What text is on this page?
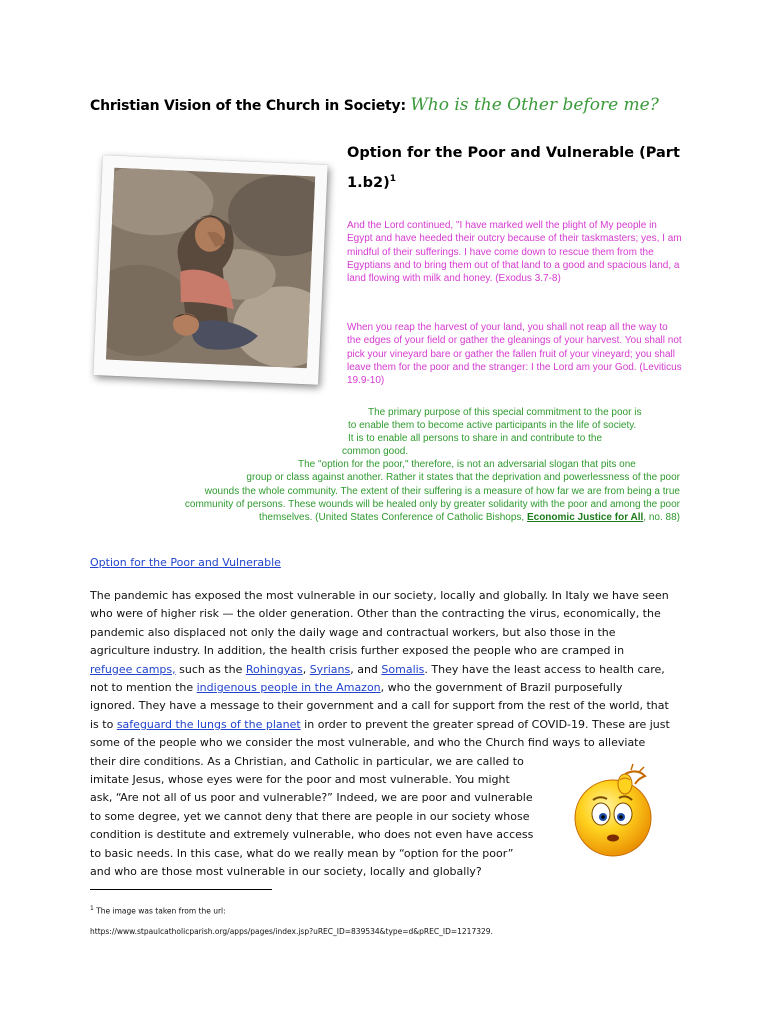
Christian Vision of the Church in Society: Who is the Other before me?
Option for the Poor and Vulnerable (Part
1.b2)$^1$

And the Lord continued, "I have marked well the plight of My people in Egypt and have heeded their outcry because of their taskmasters; yes, I am mindful of their sufferings. I have come down to rescue them from the Egyptians and to bring them out of that land to a good and spacious land, a land flowing with milk and honey. (Exodus 3.7-8)

When you reap the harvest of your land, you shall not reap all the way to the edges of your field or gather the gleanings of your harvest. You shall not pick your vineyard bare or gather the fallen fruit of your vineyard; you shall leave them for the poor and the stranger: I the Lord am your God. (Leviticus 19.9-10)

The primary purpose of this special commitment to the poor is
to enable them to become active participants in the life of society.
It is to enable all persons to share in and contribute to the
common good.
The "option for the poor," therefore, is not an adversarial slogan that pits one
group or class against another. Rather it states that the deprivation and powerlessness of the poor
wounds the whole community. The extent of their suffering is a measure of how far we are from being a true
community of persons. These wounds will be healed only by greater solidarity with the poor and among the poor
themselves. (United States Conference of Catholic Bishops, Economic Justice for All, no. 88)
Option for the Poor and Vulnerable
The pandemic has exposed the most vulnerable in our society, locally and globally. In Italy we have seen
who were of higher risk — the older generation. Other than the contracting the virus, economically, the
pandemic also displaced not only the daily wage and contractual workers, but also those in the
agriculture industry. In addition, the health crisis further exposed the people who are cramped in
refugee camps, such as the Rohingyas, Syrians, and Somalis. They have the least access to health care,
not to mention the indigenous people in the Amazon, who the government of Brazil purposefully
ignored. They have a message to their government and a call for support from the rest of the world, that
is to safeguard the lungs of the planet in order to prevent the greater spread of COVID-19. These are just
some of the people who we consider the most vulnerable, and who the Church find ways to alleviate
their dire conditions. As a Christian, and Catholic in particular, we are called to
imitate Jesus, whose eyes were for the poor and most vulnerable. You might
ask, “Are not all of us poor and vulnerable?” Indeed, we are poor and vulnerable
to some degree, yet we cannot deny that there are people in our society whose
condition is destitute and extremely vulnerable, who does not even have access
to basic needs. In this case, what do we really mean by “option for the poor”
and who are those most vulnerable in our society, locally and globally?
$^1$ The image was taken from the url:
https://www.stpaulcatholicparish.org/apps/pages/index.jsp?uREC_ID=839534&type=d&pREC_ID=1217329.
